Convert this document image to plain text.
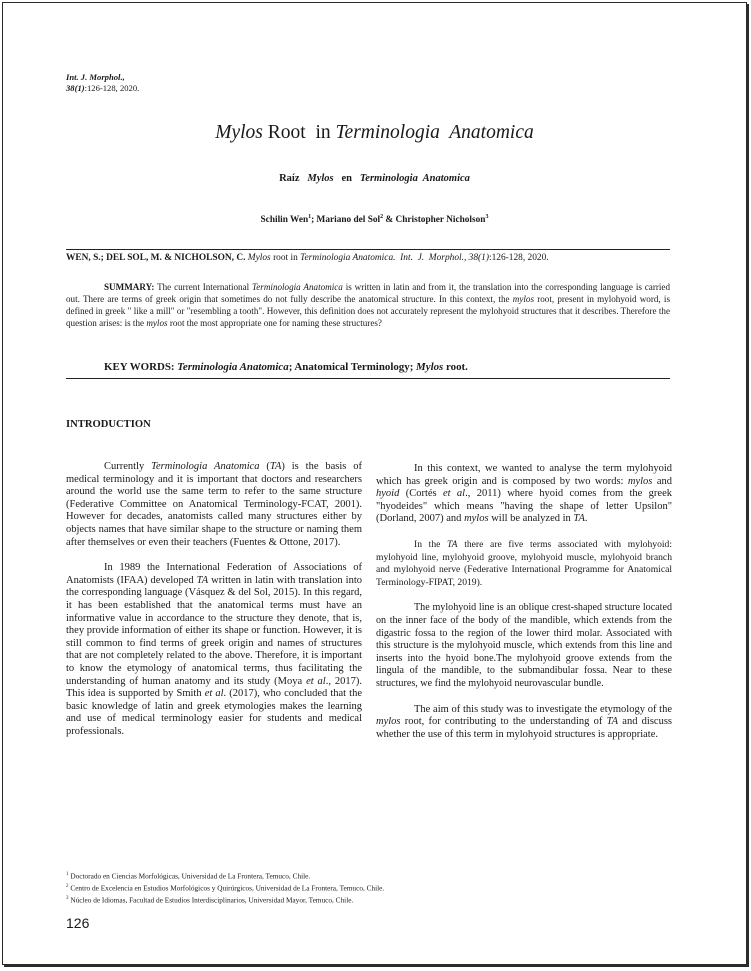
Int. J. Morphol.,
38(1):126-128, 2020.
Mylos Root  in Terminologia  Anatomica
Raíz Mylos en Terminologia  Anatomica
Schilin Wen$^1$; Mariano del Sol$^2$ & Christopher Nicholson$^3$
WEN, S.; DEL SOL, M. & NICHOLSON, C. Mylos root in Terminologia Anatomica. Int.  J.  Morphol., 38(1):126-128, 2020.
SUMMARY: The current International Terminologia Anatomica is written in latin and from it, the translation into the corresponding language is carried out. There are terms of greek origin that sometimes do not fully describe the anatomical structure. In this context, the mylos root, present in mylohyoid word, is defined in greek " like a mill" or "resembling a tooth". However, this definition does not accurately represent the mylohyoid structures that it describes. Therefore the question arises: is the mylos root the most appropriate one for naming these structures?
KEY WORDS: Terminologia Anatomica; Anatomical Terminology; Mylos root.
INTRODUCTION

Currently Terminologia Anatomica (TA) is the basis of medical terminology and it is important that doctors and researchers around the world use the same term to refer to the same structure (Federative Committee on Anatomical Terminology-FCAT, 2001). However for decades, anatomists called many structures either by objects names that have similar shape to the structure or naming them after themselves or even their teachers (Fuentes & Ottone, 2017).

In 1989 the International Federation of Associations of Anatomists (IFAA) developed TA written in latin with translation into the corresponding language (Vásquez & del Sol, 2015). In this regard, it has been established that the anatomical terms must have an informative value in accordance to the structure they denote, that is, they provide information of either its shape or function. However, it is still common to find terms of greek origin and names of structures that are not completely related to the above. Therefore, it is important to know the etymology of anatomical terms, thus facilitating the understanding of human anatomy and its study (Moya et al., 2017). This idea is supported by Smith et al. (2017), who concluded that the basic knowledge of latin and greek etymologies makes the learning and use of medical terminology easier for students and medical professionals.

In this context, we wanted to analyse the term mylohyoid which has greek origin and is composed by two words: mylos and hyoid (Cortés et al., 2011) where hyoid comes from the greek "hyodeides" which means "having the shape of letter Upsilon" (Dorland, 2007) and mylos will be analyzed in TA.

In the TA there are five terms associated with mylohyoid: mylohyoid line, mylohyoid groove, mylohyoid muscle, mylohyoid branch and mylohyoid nerve (Federative International Programme for Anatomical Terminology-FIPAT, 2019).

The mylohyoid line is an oblique crest-shaped structure located on the inner face of the body of the mandible, which extends from the digastric fossa to the region of the lower third molar. Associated with this structure is the mylohyoid muscle, which extends from this line and inserts into the hyoid bone.The mylohyoid groove extends from the lingula of the mandible, to the submandibular fossa. Near to these structures, we find the mylohyoid neurovascular bundle.

The aim of this study was to investigate the etymology of the mylos root, for contributing to the understanding of TA and discuss whether the use of this term in mylohyoid structures is appropriate.

$^1$ Doctorado en Ciencias Morfológicas, Universidad de La Frontera, Temuco, Chile.
$^2$ Centro de Excelencia en Estudios Morfológicos y Quirúrgicos, Universidad de La Frontera, Temuco, Chile.
$^3$ Núcleo de Idiomas, Facultad de Estudios Interdisciplinarios, Universidad Mayor, Temuco, Chile.
126
